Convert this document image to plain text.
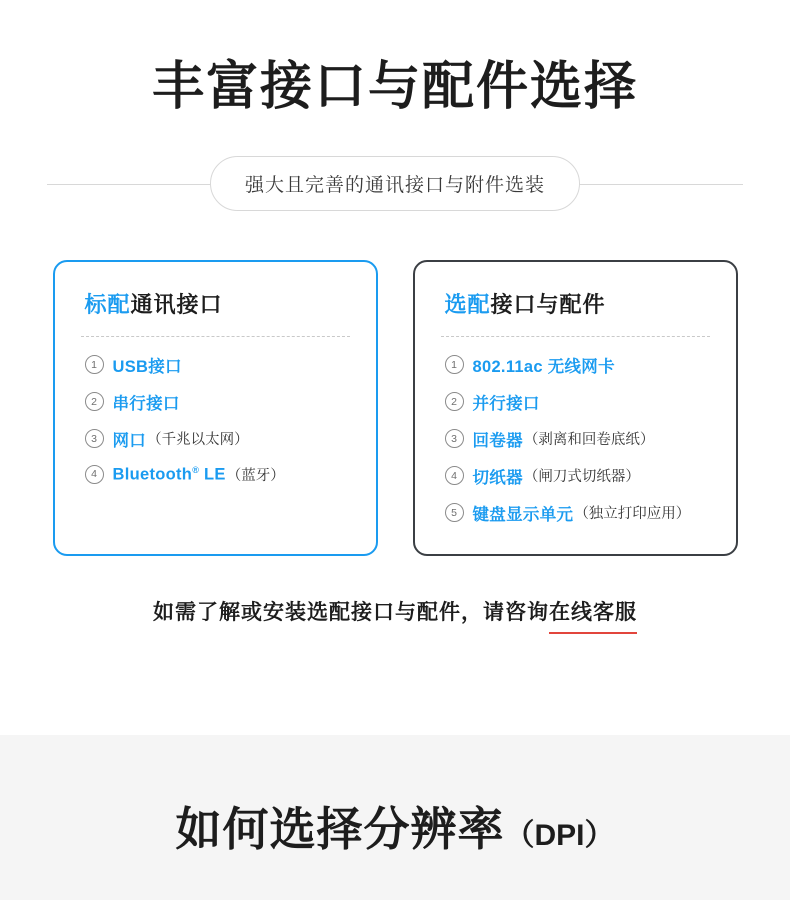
丰富接口与配件选择
强大且完善的通讯接口与附件选装
标配通讯接口
1 USB接口
2 串行接口
3 网口 （千兆以太网）
4 Bluetooth® LE （蓝牙）
选配接口与配件
1 802.11ac 无线网卡
2 并行接口
3 回卷器 （剥离和回卷底纸）
4 切纸器 （闸刀式切纸器）
5 键盘显示单元 （独立打印应用）
如需了解或安装选配接口与配件，请咨询在线客服
如何选择分辨率（DPI）
